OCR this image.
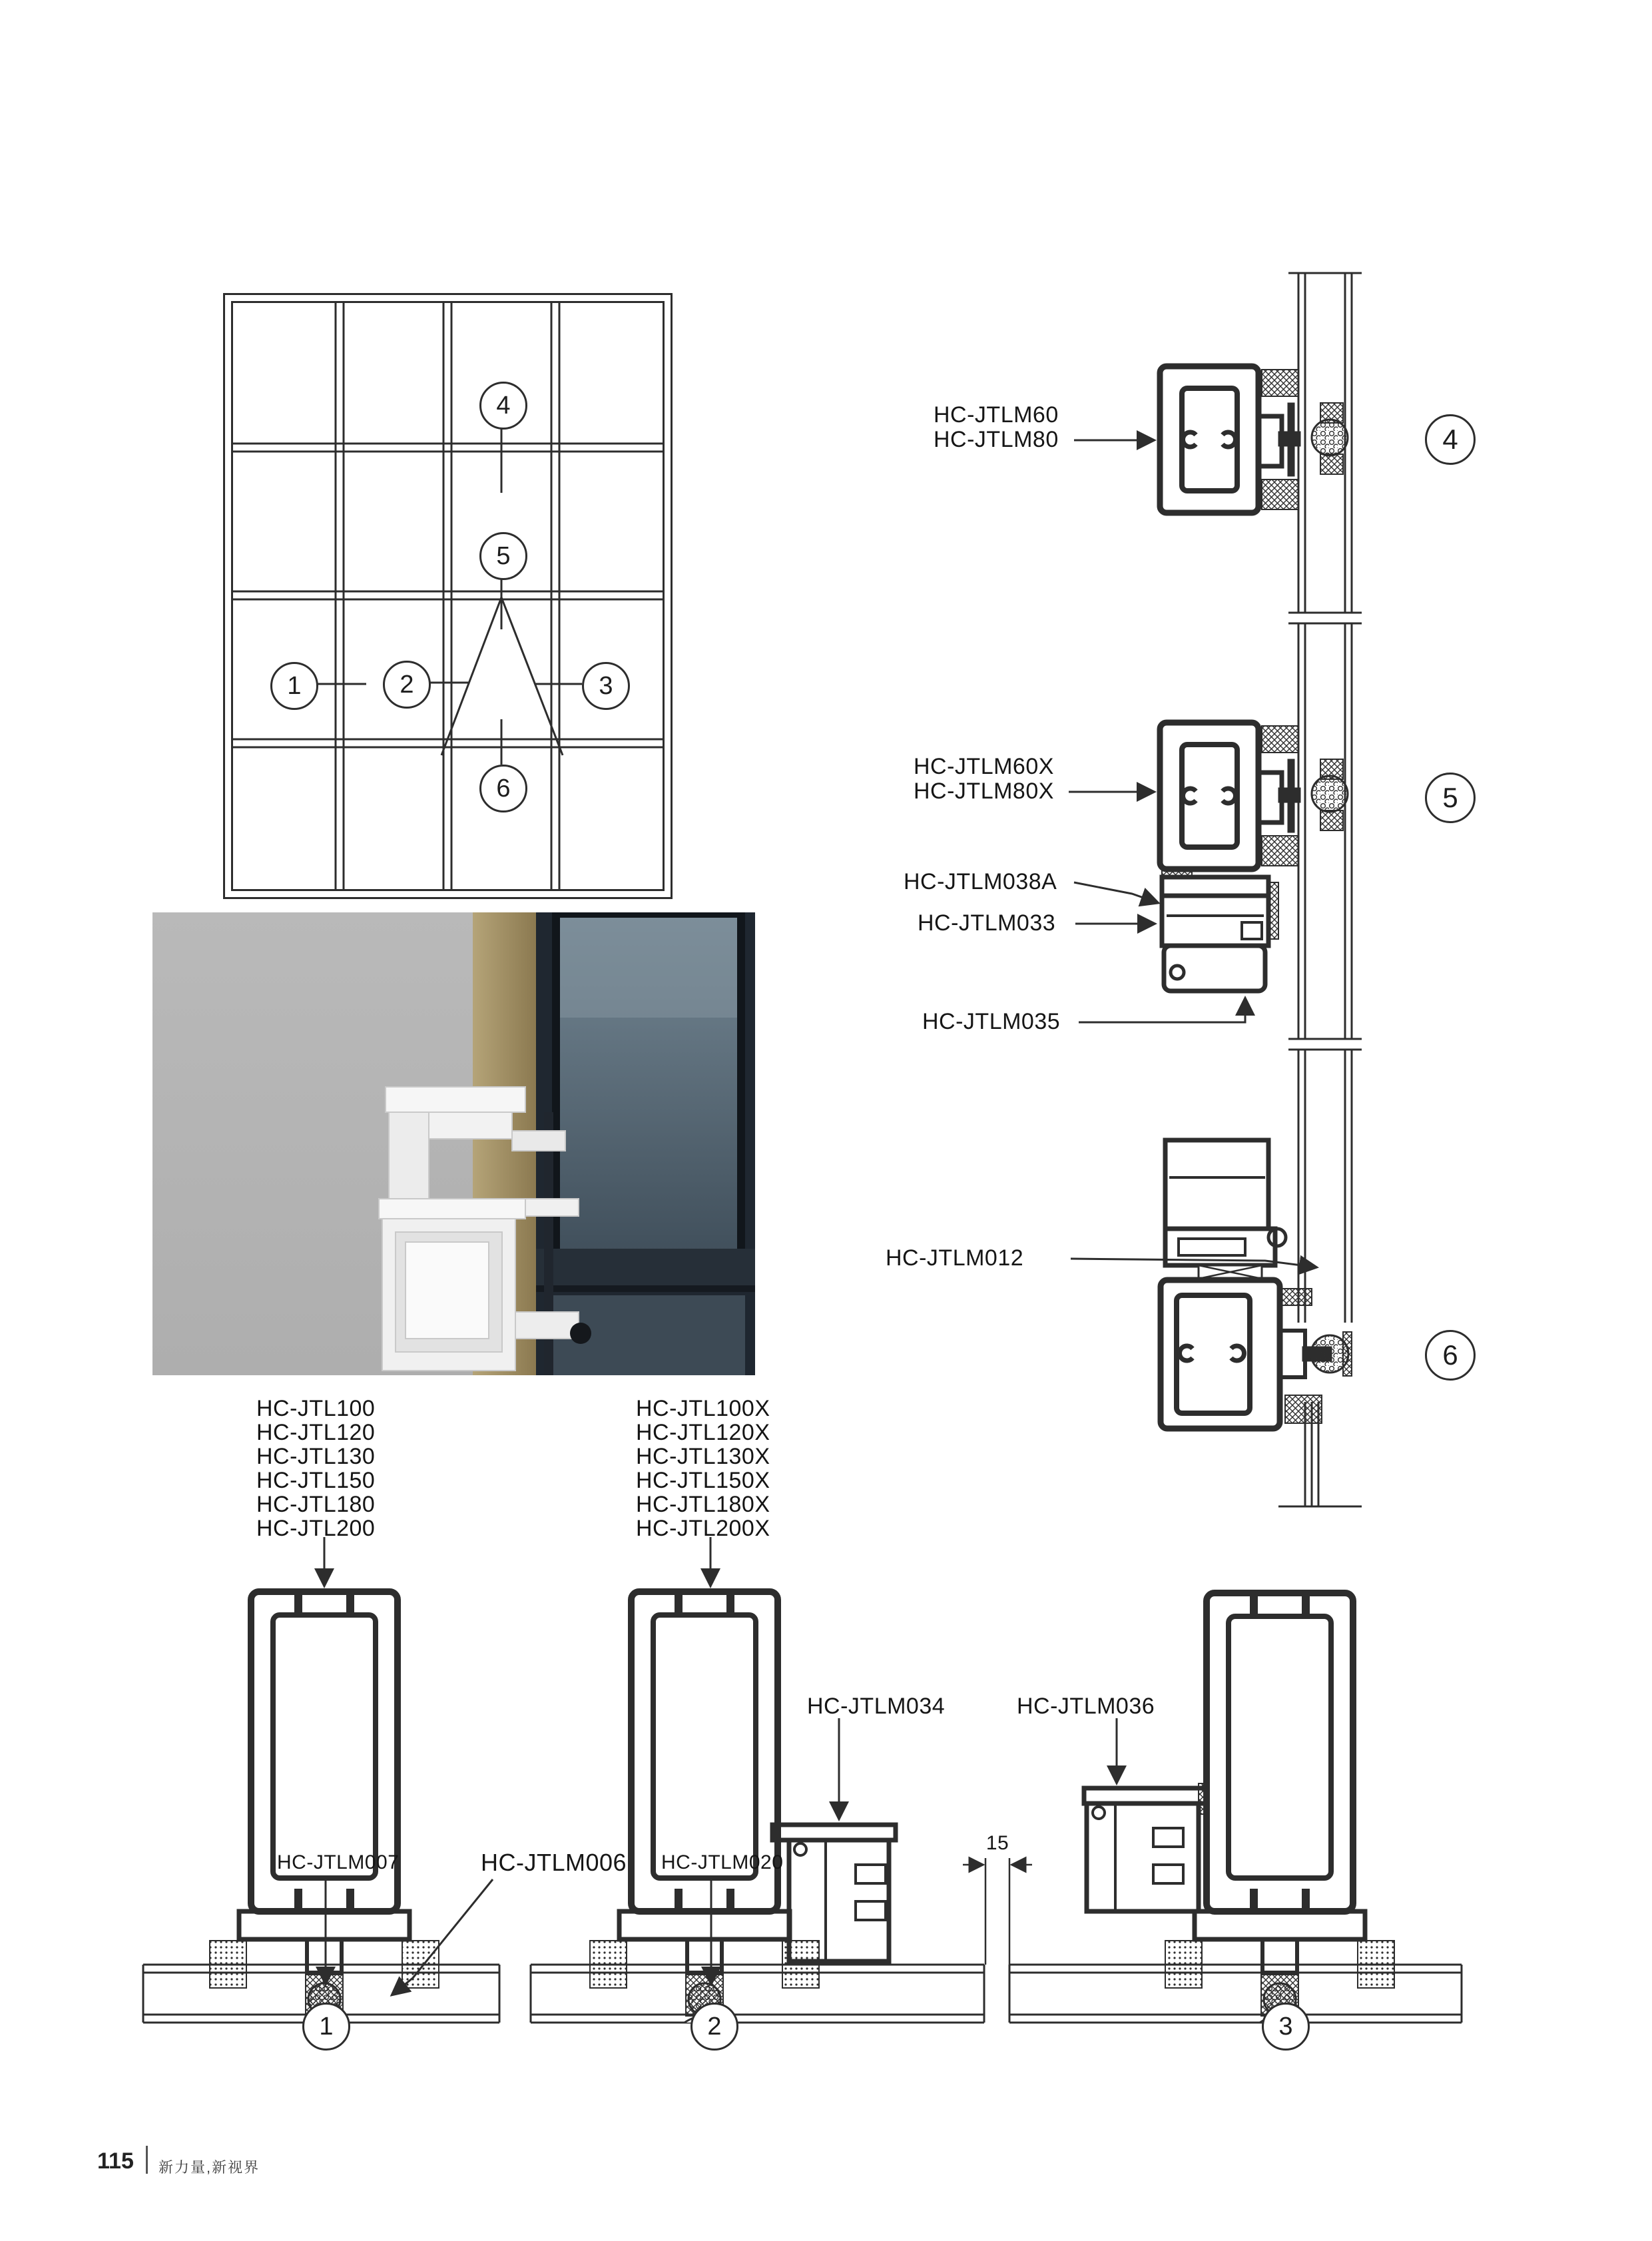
4
5
1	2	3
6
HC-JTLM60
HC-JTLM80
HC-JTLM60X
HC-JTLM80X
HC-JTLM038A
HC-JTLM033
HC-JTLM035
HC-JTLM012
4
5
6
HC-JTL100
HC-JTL120
HC-JTL130
HC-JTL150
HC-JTL180
HC-JTL200
HC-JTL100X
HC-JTL120X
HC-JTL130X
HC-JTL150X
HC-JTL180X
HC-JTL200X
HC-JTLM007	HC-JTLM006 HC-JTLM020
HC-JTLM034	HC-JTLM036
15
1	2	3
115 新力量,新视界
